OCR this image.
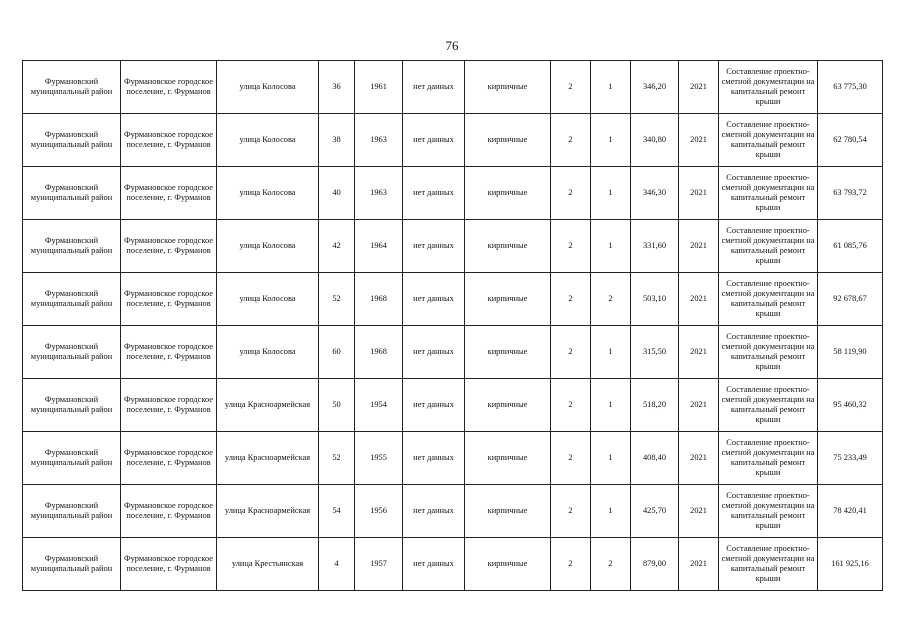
76
Фурмановский муниципальный район	Фурмановское городское поселение, г. Фурманов	улица Колосова	36	1961	нет данных	кирпичные	2	1	346,20	2021	Составление проектно-сметной документации на капитальный ремонт крыши	63 775,30
Фурмановский муниципальный район	Фурмановское городское поселение, г. Фурманов	улица Колосова	38	1963	нет данных	кирпичные	2	1	340,80	2021	Составление проектно-сметной документации на капитальный ремонт крыши	62 780,54
Фурмановский муниципальный район	Фурмановское городское поселение, г. Фурманов	улица Колосова	40	1963	нет данных	кирпичные	2	1	346,30	2021	Составление проектно-сметной документации на капитальный ремонт крыши	63 793,72
Фурмановский муниципальный район	Фурмановское городское поселение, г. Фурманов	улица Колосова	42	1964	нет данных	кирпичные	2	1	331,60	2021	Составление проектно-сметной документации на капитальный ремонт крыши	61 085,76
Фурмановский муниципальный район	Фурмановское городское поселение, г. Фурманов	улица Колосова	52	1968	нет данных	кирпичные	2	2	503,10	2021	Составление проектно-сметной документации на капитальный ремонт крыши	92 678,67
Фурмановский муниципальный район	Фурмановское городское поселение, г. Фурманов	улица Колосова	60	1968	нет данных	кирпичные	2	1	315,50	2021	Составление проектно-сметной документации на капитальный ремонт крыши	58 119,90
Фурмановский муниципальный район	Фурмановское городское поселение, г. Фурманов	улица Красноармейская	50	1954	нет данных	кирпичные	2	1	518,20	2021	Составление проектно-сметной документации на капитальный ремонт крыши	95 460,32
Фурмановский муниципальный район	Фурмановское городское поселение, г. Фурманов	улица Красноармейская	52	1955	нет данных	кирпичные	2	1	408,40	2021	Составление проектно-сметной документации на капитальный ремонт крыши	75 233,49
Фурмановский муниципальный район	Фурмановское городское поселение, г. Фурманов	улица Красноармейская	54	1956	нет данных	кирпичные	2	1	425,70	2021	Составление проектно-сметной документации на капитальный ремонт крыши	78 420,41
Фурмановский муниципальный район	Фурмановское городское поселение, г. Фурманов	улица Крестьянская	4	1957	нет данных	кирпичные	2	2	879,00	2021	Составление проектно-сметной документации на капитальный ремонт крыши	161 925,16
